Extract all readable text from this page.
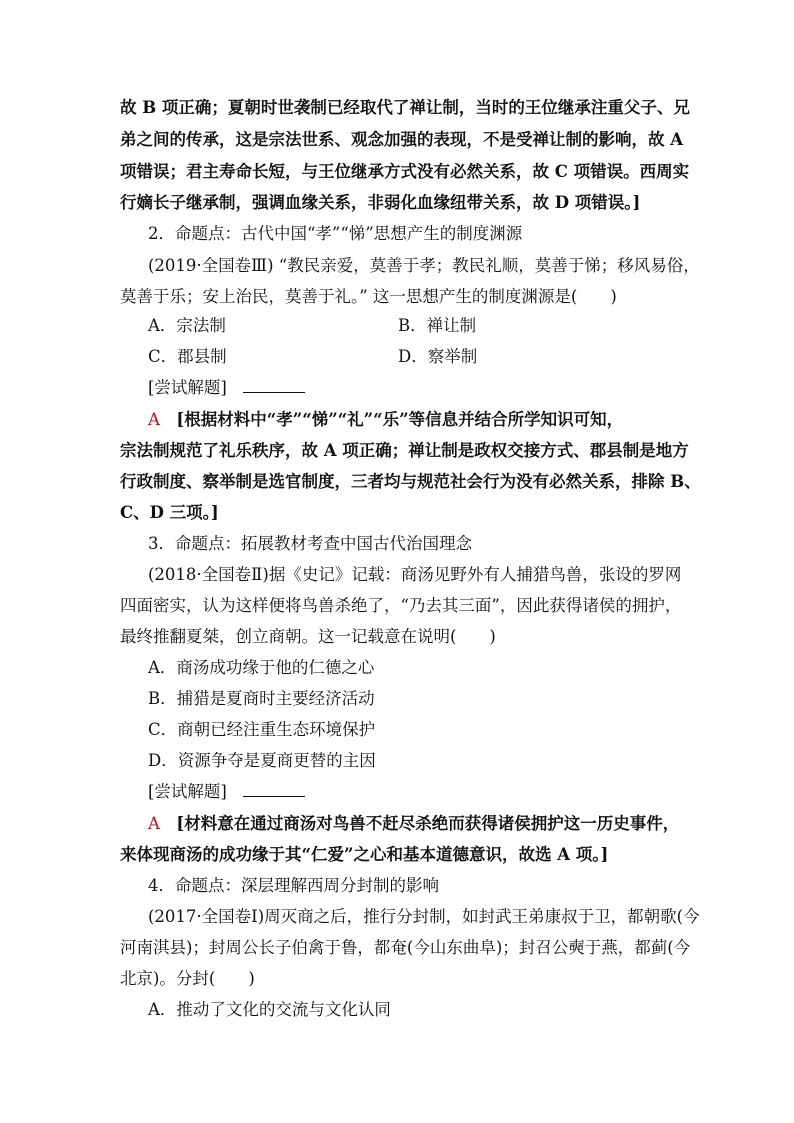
故 B 项正确；夏朝时世袭制已经取代了禅让制，当时的王位继承注重父子、兄
弟之间的传承，这是宗法世系、观念加强的表现，不是受禅让制的影响，故 A
项错误；君主寿命长短，与王位继承方式没有必然关系，故 C 项错误。西周实
行嫡长子继承制，强调血缘关系，非弱化血缘纽带关系，故 D 项错误。]
2．命题点：古代中国“孝”“悌”思想产生的制度渊源
(2019·全国卷Ⅲ) “教民亲爱，莫善于孝；教民礼顺，莫善于悌；移风易俗，
莫善于乐；安上治民，莫善于礼。” 这一思想产生的制度渊源是(　　)
A．宗法制	B．禅让制
C．郡县制	D．察举制
[尝试解题]
A  [根据材料中“孝”“悌”“礼”“乐”等信息并结合所学知识可知，
宗法制规范了礼乐秩序，故 A 项正确；禅让制是政权交接方式、郡县制是地方
行政制度、察举制是选官制度，三者均与规范社会行为没有必然关系，排除 B、
C、D 三项。]
3．命题点：拓展教材考查中国古代治国理念
(2018·全国卷Ⅱ)据《史记》记载：商汤见野外有人捕猎鸟兽，张设的罗网
四面密实，认为这样便将鸟兽杀绝了，“乃去其三面”，因此获得诸侯的拥护，
最终推翻夏桀，创立商朝。这一记载意在说明(　　)
A．商汤成功缘于他的仁德之心
B．捕猎是夏商时主要经济活动
C．商朝已经注重生态环境保护
D．资源争夺是夏商更替的主因
[尝试解题]
A  [材料意在通过商汤对鸟兽不赶尽杀绝而获得诸侯拥护这一历史事件，
来体现商汤的成功缘于其“仁爱”之心和基本道德意识，故选 A 项。]
4．命题点：深层理解西周分封制的影响
(2017·全国卷Ⅰ)周灭商之后，推行分封制，如封武王弟康叔于卫，都朝歌(今
河南淇县)；封周公长子伯禽于鲁，都奄(今山东曲阜)；封召公奭于燕，都蓟(今
北京)。分封(　　)
A．推动了文化的交流与文化认同
